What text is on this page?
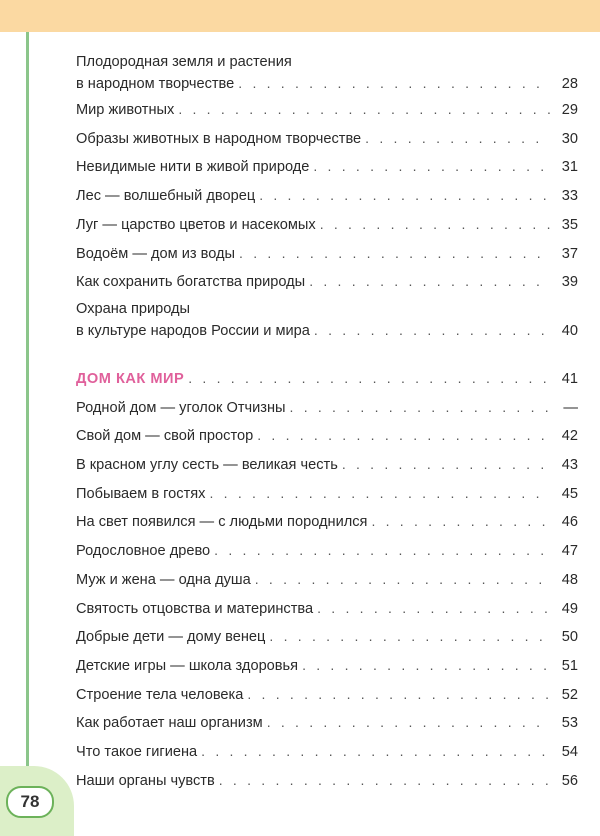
78
Плодородная земля и растения
в народном творчестве . . .	28
Мир животных . . .	29
Образы животных в народном творчестве . . .	30
Невидимые нити в живой природе . . .	31
Лес — волшебный дворец . . .	33
Луг — царство цветов и насекомых . . .	35
Водоём — дом из воды . . .	37
Как сохранить богатства природы . . .	39
Охрана природы
в культуре народов России и мира . . .	40
ДОМ КАК МИР . . .	41
Родной дом — уголок Отчизны . . .	—
Свой дом — свой простор . . .	42
В красном углу сесть — великая честь . . .	43
Побываем в гостях . . .	45
На свет появился — с людьми породнился . . .	46
Родословное древо . . .	47
Муж и жена — одна душа . . .	48
Святость отцовства и материнства . . .	49
Добрые дети — дому венец . . .	50
Детские игры — школа здоровья . . .	51
Строение тела человека . . .	52
Как работает наш организм . . .	53
Что такое гигиена . . .	54
Наши органы чувств . . .	56
